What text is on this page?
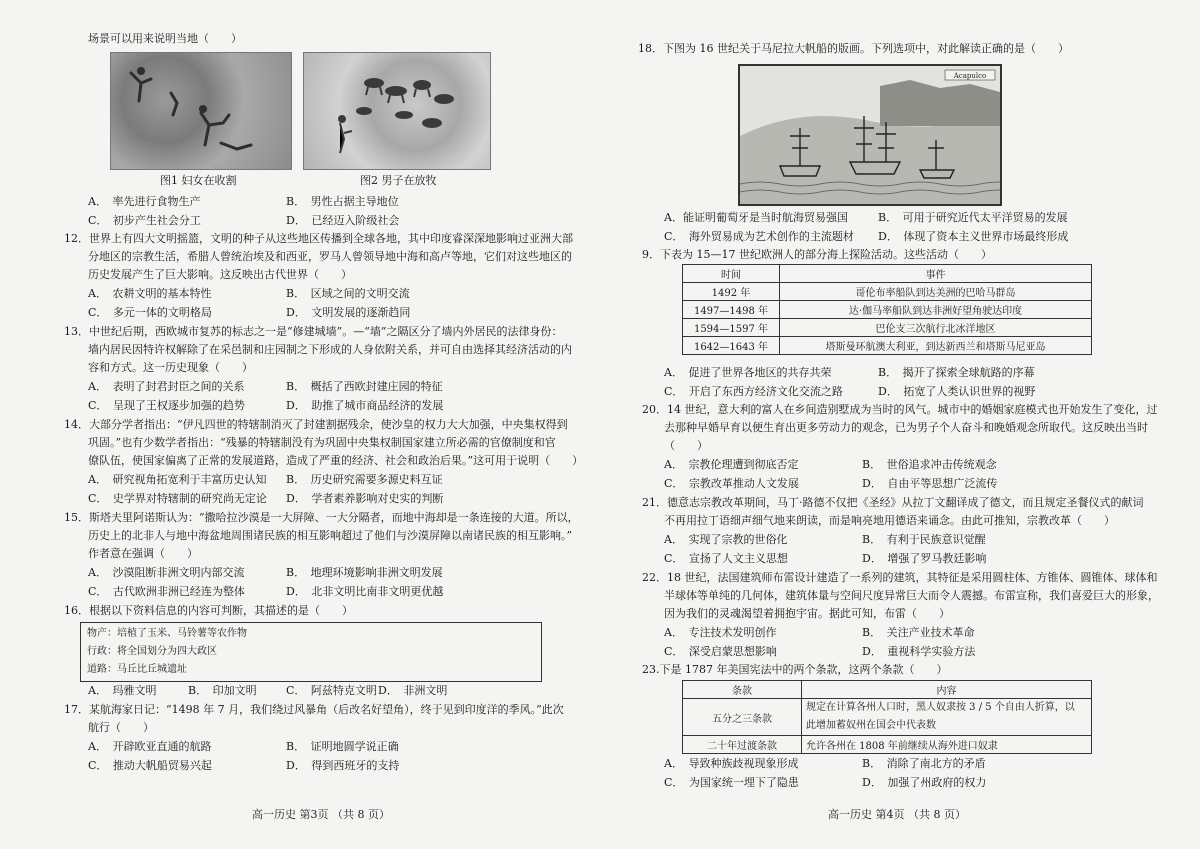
场景可以用来说明当地（　　）
图1 妇女在收割	图2 男子在放牧
A．　率先进行食物生产	B．　男性占据主导地位
C．　初步产生社会分工	D．　已经迈入阶级社会
12．世界上有四大文明摇篮，文明的种子从这些地区传播到全球各地，其中印度睿深深地影响过亚洲大部
分地区的宗教生活，希腊人曾统治埃及和西亚，罗马人曾领导地中海和高卢等地，它们对这些地区的
历史发展产生了巨大影响。这反映出古代世界（　　）
A．　农耕文明的基本特性	B．　区域之间的文明交流
C．　多元一体的文明格局	D．　文明发展的逐渐趋同
13．中世纪后期，西欧城市复苏的标志之一是“修建城墙”。—“墙”之隔区分了墙内外居民的法律身份：
墙内居民因特许权解除了在采邑制和庄园制之下形成的人身依附关系，并可自由选择其经济活动的内
容和方式。这一历史现象（　　）
A．　表明了封君封臣之间的关系	B．　概括了西欧封建庄园的特征
C．　呈现了王权逐步加强的趋势	D．　助推了城市商品经济的发展
14．大部分学者指出：“伊凡四世的特辖制消灭了封建割据残余，使沙皇的权力大大加强，中央集权得到
巩固。”也有少数学者指出：“残暴的特辖制没有为巩固中央集权制国家建立所必需的官僚制度和官
僚队伍，使国家偏离了正常的发展道路，造成了严重的经济、社会和政治后果。”这可用于说明（　　）
A．　研究视角拓宽利于丰富历史认知 B．　历史研究需要多源史料互证
C．　史学界对特辖制的研究尚无定论 D．　学者素养影响对史实的判断
15．斯塔夫里阿诺斯认为：“撒哈拉沙漠是一大屏障、一大分隔者，而地中海却是一条连接的大道。所以，
历史上的北非人与地中海盆地周围诸民族的相互影响超过了他们与沙漠屏障以南诸民族的相互影响。”
作者意在强调（　　）
A．　沙漠阻断非洲文明内部交流	B．　地理环境影响非洲文明发展
C．　古代欧洲非洲已经连为整体	D．　北非文明比南非文明更优越
16．根据以下资料信息的内容可判断，其描述的是（　　）
物产：培植了玉米、马铃薯等农作物
行政：将全国划分为四大政区
道路：马丘比丘城遗址
A．　玛雅文明	B．　印加文明	C．　阿兹特克文明 D．　非洲文明
17．某航海家日记：“1498 年 7 月，我们绕过风暴角（后改名好望角），终于见到印度洋的季风。”此次
航行（　　）
A．　开辟欧亚直通的航路	B．　证明地圆学说正确
C．　推动大帆船贸易兴起	D．　得到西班牙的支持
高一历史 第3页 （共 8 页）
18．下图为 16 世纪关于马尼拉大帆船的版画。下列选项中，对此解读正确的是（　　）
Acapulco
A．能证明葡萄牙是当时航海贸易强国	B．　可用于研究近代太平洋贸易的发展
C．　海外贸易成为艺术创作的主流题材 D．　体现了资本主义世界市场最终形成
9．下表为 15—17 世纪欧洲人的部分海上探险活动。这些活动（　　）
时间	事件
1492 年	哥伦布率船队到达美洲的巴哈马群岛
1497—1498 年	达·伽马率船队到达非洲好望角驶达印度
1594—1597 年	巴伦支三次航行北冰洋地区
1642—1643 年	塔斯曼环航澳大利亚，到达新西兰和塔斯马尼亚岛
A．　促进了世界各地区的共存共荣	B．　揭开了探索全球航路的序幕
C．　开启了东西方经济文化交流之路	D．　拓宽了人类认识世界的视野
20．14 世纪，意大利的富人在乡间造别墅成为当时的风气。城市中的婚姻家庭模式也开始发生了变化，过
去那种早婚早育以便生育出更多劳动力的观念，已为男子个人奋斗和晚婚观念所取代。这反映出当时
（　　）
A．　宗教伦理遭到彻底否定	B．　世俗追求冲击传统观念
C．　宗教改革推动人文发展	D．　自由平等思想广泛流传
21．德意志宗教改革期间，马丁·路德不仅把《圣经》从拉丁文翻译成了德文，而且规定圣餐仪式的献词
不再用拉丁语细声细气地来朗读，而是响亮地用德语来诵念。由此可推知，宗教改革（　　）
A．　实现了宗教的世俗化	B．　有利于民族意识觉醒
C．　宣扬了人文主义思想	D．　增强了罗马教廷影响
22．18 世纪，法国建筑师布雷设计建造了一系列的建筑，其特征是采用圆柱体、方锥体、圆锥体、球体和
半球体等单纯的几何体，建筑体量与空间尺度异常巨大而令人震撼。布雷宣称，我们喜爱巨大的形象，
因为我们的灵魂渴望着拥抱宇宙。据此可知，布雷（　　）
A．　专注技术发明创作	B．　关注产业技术革命
C．　深受启蒙思想影响	D．　重视科学实验方法
23.下是 1787 年美国宪法中的两个条款，这两个条款（　　）
条款	内容
五分之三条款	规定在计算各州人口时，黑人奴隶按 3 / 5 个自由人折算，以
此增加蓄奴州在国会中代表数

二十年过渡条款	允许各州在 1808 年前继续从海外进口奴隶
A．　导致种族歧视现象形成	B．　消除了南北方的矛盾
C．　为国家统一埋下了隐患	D．　加强了州政府的权力
高一历史 第4页 （共 8 页）
